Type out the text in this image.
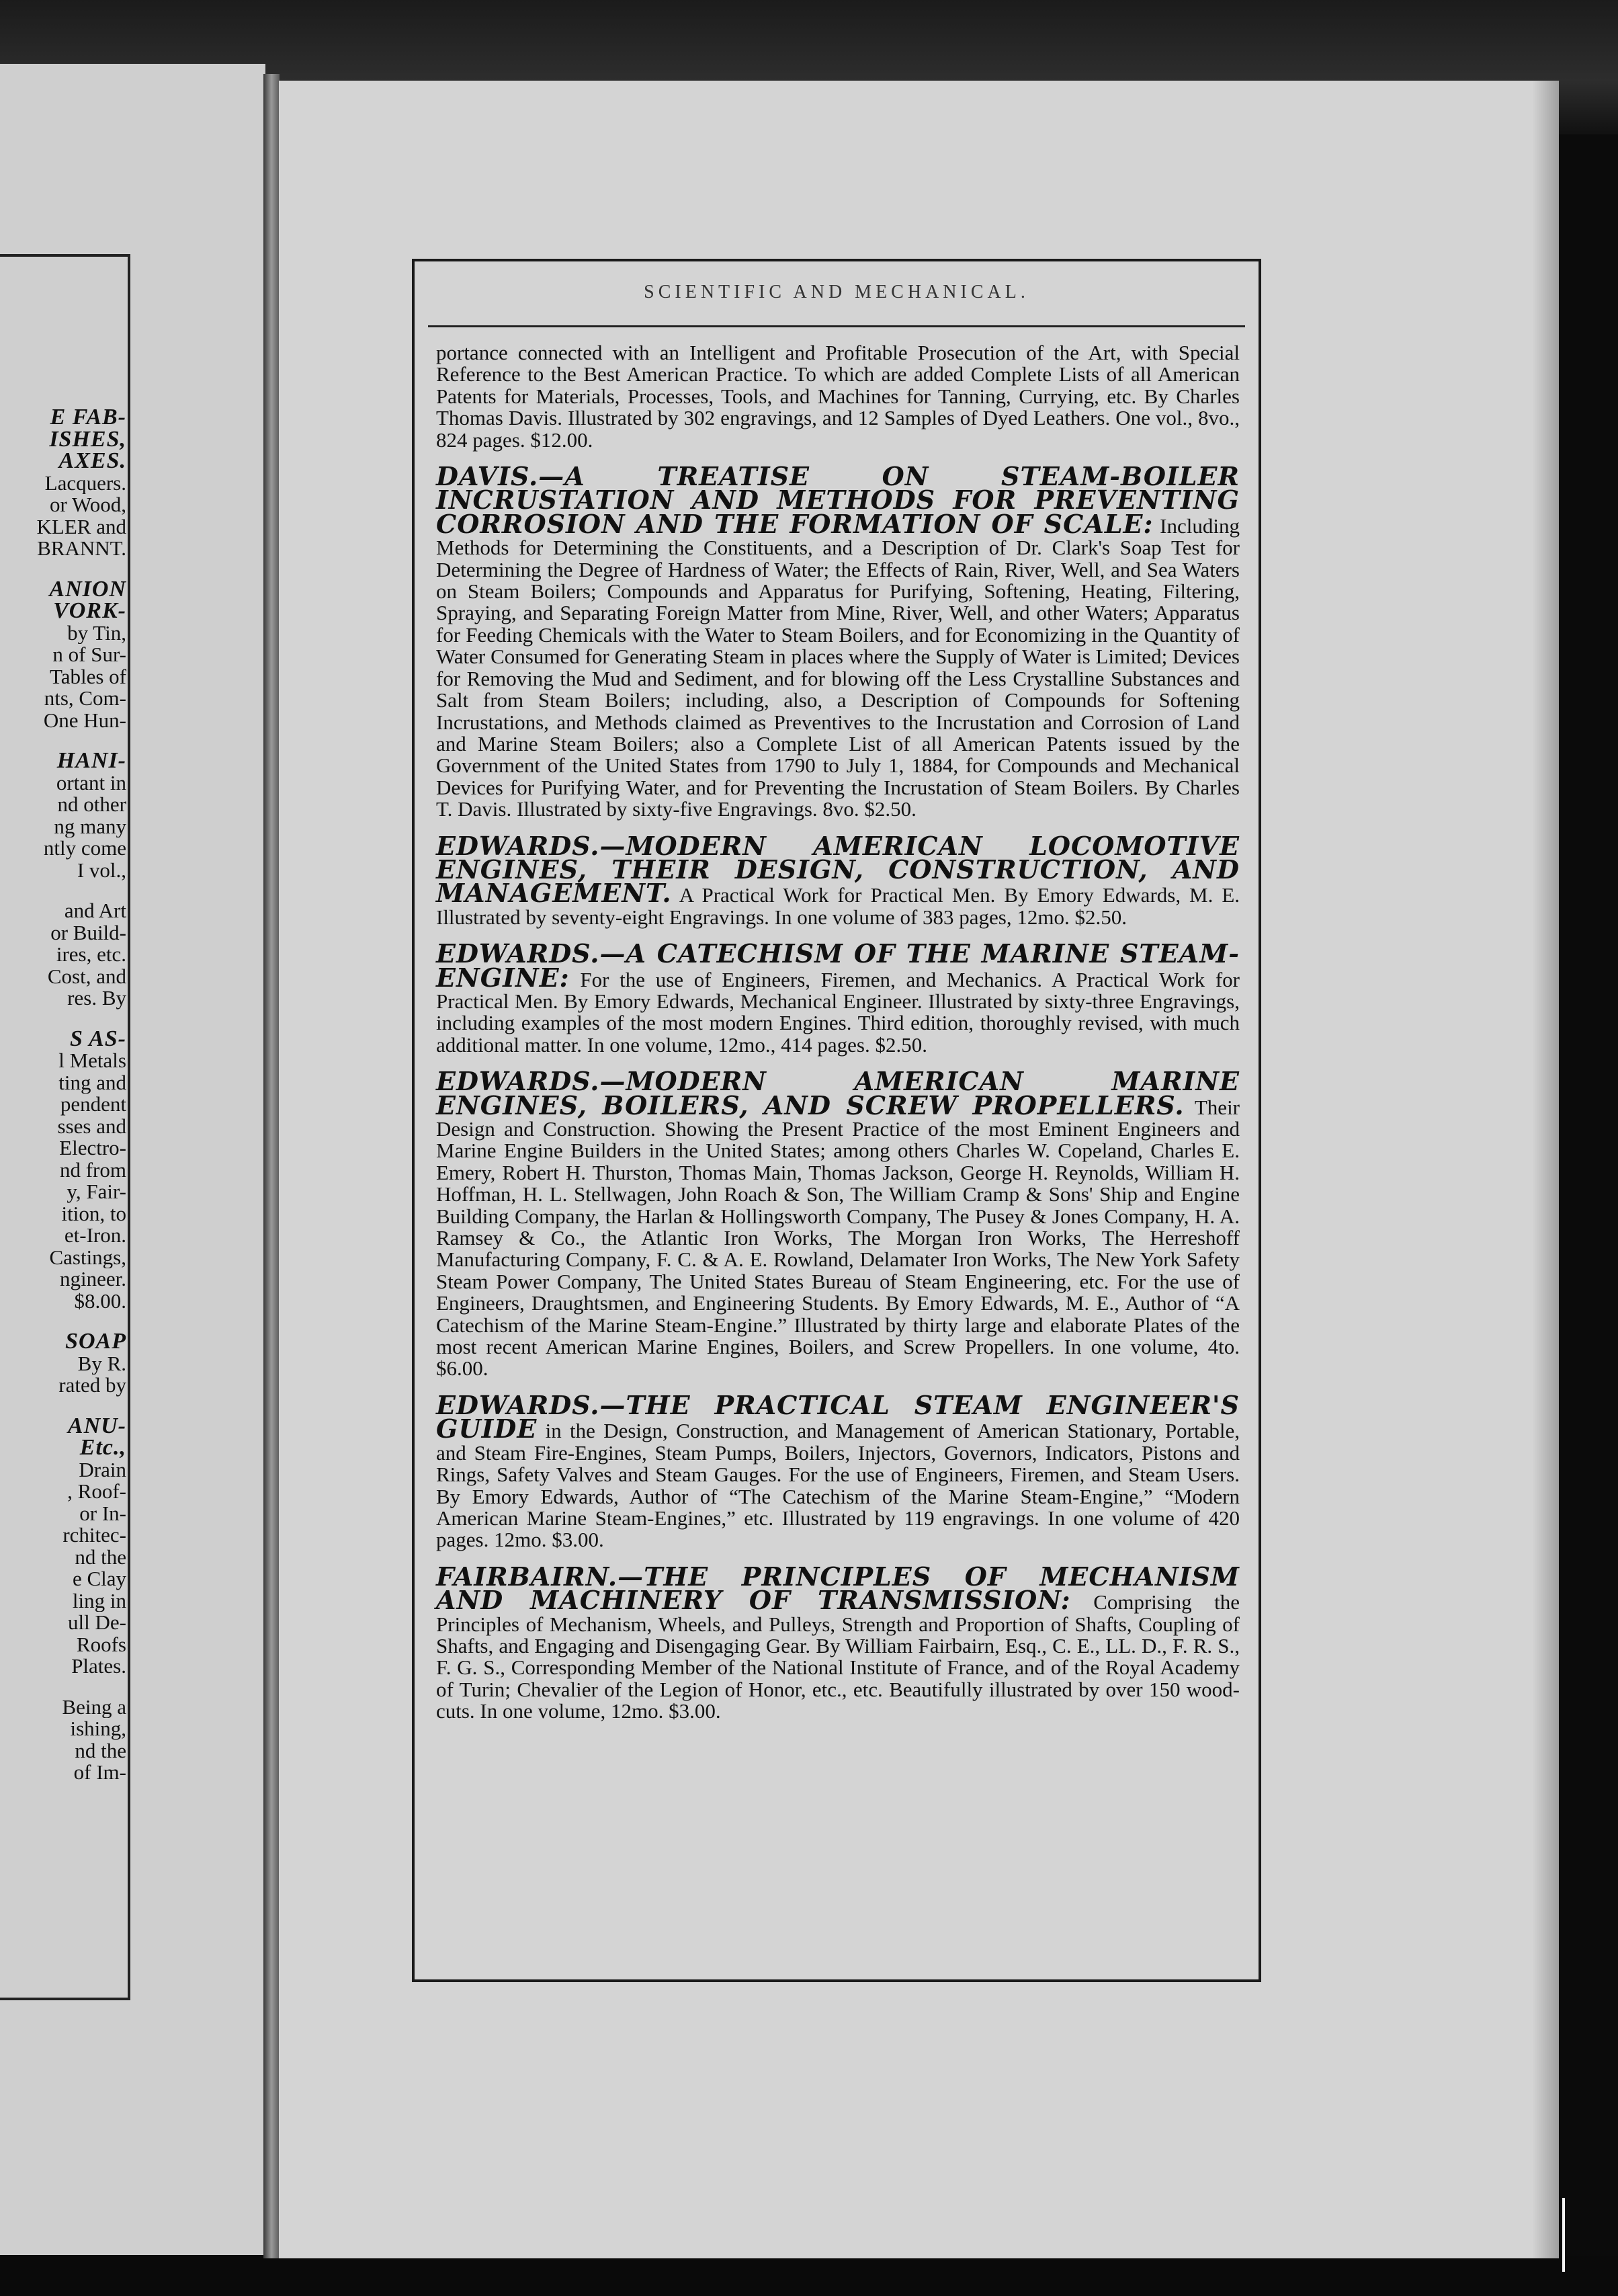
E FAB-
ISHES,
AXES.
Lacquers.
or Wood,
KLER and
BRANNT.
ANION
VORK-
by Tin,
n of Sur-
Tables of
nts, Com-
One Hun-
HANI-
ortant in
nd other
ng many
ntly come
I vol.,
and Art
or Build-
ires, etc.
Cost, and
res. By
S AS-
l Metals
ting and
pendent
sses and
Electro-
nd from
y, Fair-
ition, to
et-Iron.
Castings,
ngineer.
$8.00.
SOAP
By R.
rated by
ANU-
Etc.,
Drain
, Roof-
or In-
rchitec-
nd the
e Clay
ling in
ull De-
Roofs
Plates.
Being a
ishing,
nd the
of Im-
SCIENTIFIC AND MECHANICAL.

portance connected with an Intelligent and Profitable Prosecution of the Art, with Special Reference to the Best American Practice. To which are added Complete Lists of all American Patents for Materials, Processes, Tools, and Machines for Tanning, Currying, etc. By Charles Thomas Davis. Illustrated by 302 engravings, and 12 Samples of Dyed Leathers. One vol., 8vo., 824 pages. $12.00.

DAVIS.—A TREATISE ON STEAM-BOILER INCRUSTATION AND METHODS FOR PREVENTING CORROSION AND THE FORMATION OF SCALE: Including Methods for Determining the Constituents, and a Description of Dr. Clark's Soap Test for Determining the Degree of Hardness of Water; the Effects of Rain, River, Well, and Sea Waters on Steam Boilers; Compounds and Apparatus for Purifying, Softening, Heating, Filtering, Spraying, and Separating Foreign Matter from Mine, River, Well, and other Waters; Apparatus for Feeding Chemicals with the Water to Steam Boilers, and for Economizing in the Quantity of Water Consumed for Generating Steam in places where the Supply of Water is Limited; Devices for Removing the Mud and Sediment, and for blowing off the Less Crystalline Substances and Salt from Steam Boilers; including, also, a Description of Compounds for Softening Incrustations, and Methods claimed as Preventives to the Incrustation and Corrosion of Land and Marine Steam Boilers; also a Complete List of all American Patents issued by the Government of the United States from 1790 to July 1, 1884, for Compounds and Mechanical Devices for Purifying Water, and for Preventing the Incrustation of Steam Boilers. By Charles T. Davis. Illustrated by sixty-five Engravings. 8vo. $2.50.

EDWARDS.—MODERN AMERICAN LOCOMOTIVE ENGINES, THEIR DESIGN, CONSTRUCTION, AND MANAGEMENT. A Practical Work for Practical Men. By Emory Edwards, M. E. Illustrated by seventy-eight Engravings. In one volume of 383 pages, 12mo. $2.50.

EDWARDS.—A CATECHISM OF THE MARINE STEAM-ENGINE: For the use of Engineers, Firemen, and Mechanics. A Practical Work for Practical Men. By Emory Edwards, Mechanical Engineer. Illustrated by sixty-three Engravings, including examples of the most modern Engines. Third edition, thoroughly revised, with much additional matter. In one volume, 12mo., 414 pages. $2.50.

EDWARDS.—MODERN AMERICAN MARINE ENGINES, BOILERS, AND SCREW PROPELLERS. Their Design and Construction. Showing the Present Practice of the most Eminent Engineers and Marine Engine Builders in the United States; among others Charles W. Copeland, Charles E. Emery, Robert H. Thurston, Thomas Main, Thomas Jackson, George H. Reynolds, William H. Hoffman, H. L. Stellwagen, John Roach & Son, The William Cramp & Sons' Ship and Engine Building Company, the Harlan & Hollingsworth Company, The Pusey & Jones Company, H. A. Ramsey & Co., the Atlantic Iron Works, The Morgan Iron Works, The Herreshoff Manufacturing Company, F. C. & A. E. Rowland, Delamater Iron Works, The New York Safety Steam Power Company, The United States Bureau of Steam Engineering, etc. For the use of Engineers, Draughtsmen, and Engineering Students. By Emory Edwards, M. E., Author of “A Catechism of the Marine Steam-Engine.” Illustrated by thirty large and elaborate Plates of the most recent American Marine Engines, Boilers, and Screw Propellers. In one volume, 4to. $6.00.

EDWARDS.—THE PRACTICAL STEAM ENGINEER'S GUIDE in the Design, Construction, and Management of American Stationary, Portable, and Steam Fire-Engines, Steam Pumps, Boilers, Injectors, Governors, Indicators, Pistons and Rings, Safety Valves and Steam Gauges. For the use of Engineers, Firemen, and Steam Users. By Emory Edwards, Author of “The Catechism of the Marine Steam-Engine,” “Modern American Marine Steam-Engines,” etc. Illustrated by 119 engravings. In one volume of 420 pages. 12mo. $3.00.

FAIRBAIRN.—THE PRINCIPLES OF MECHANISM AND MACHINERY OF TRANSMISSION: Comprising the Principles of Mechanism, Wheels, and Pulleys, Strength and Proportion of Shafts, Coupling of Shafts, and Engaging and Disengaging Gear. By William Fairbairn, Esq., C. E., LL. D., F. R. S., F. G. S., Corresponding Member of the National Institute of France, and of the Royal Academy of Turin; Chevalier of the Legion of Honor, etc., etc. Beautifully illustrated by over 150 wood-cuts. In one volume, 12mo. $3.00.
